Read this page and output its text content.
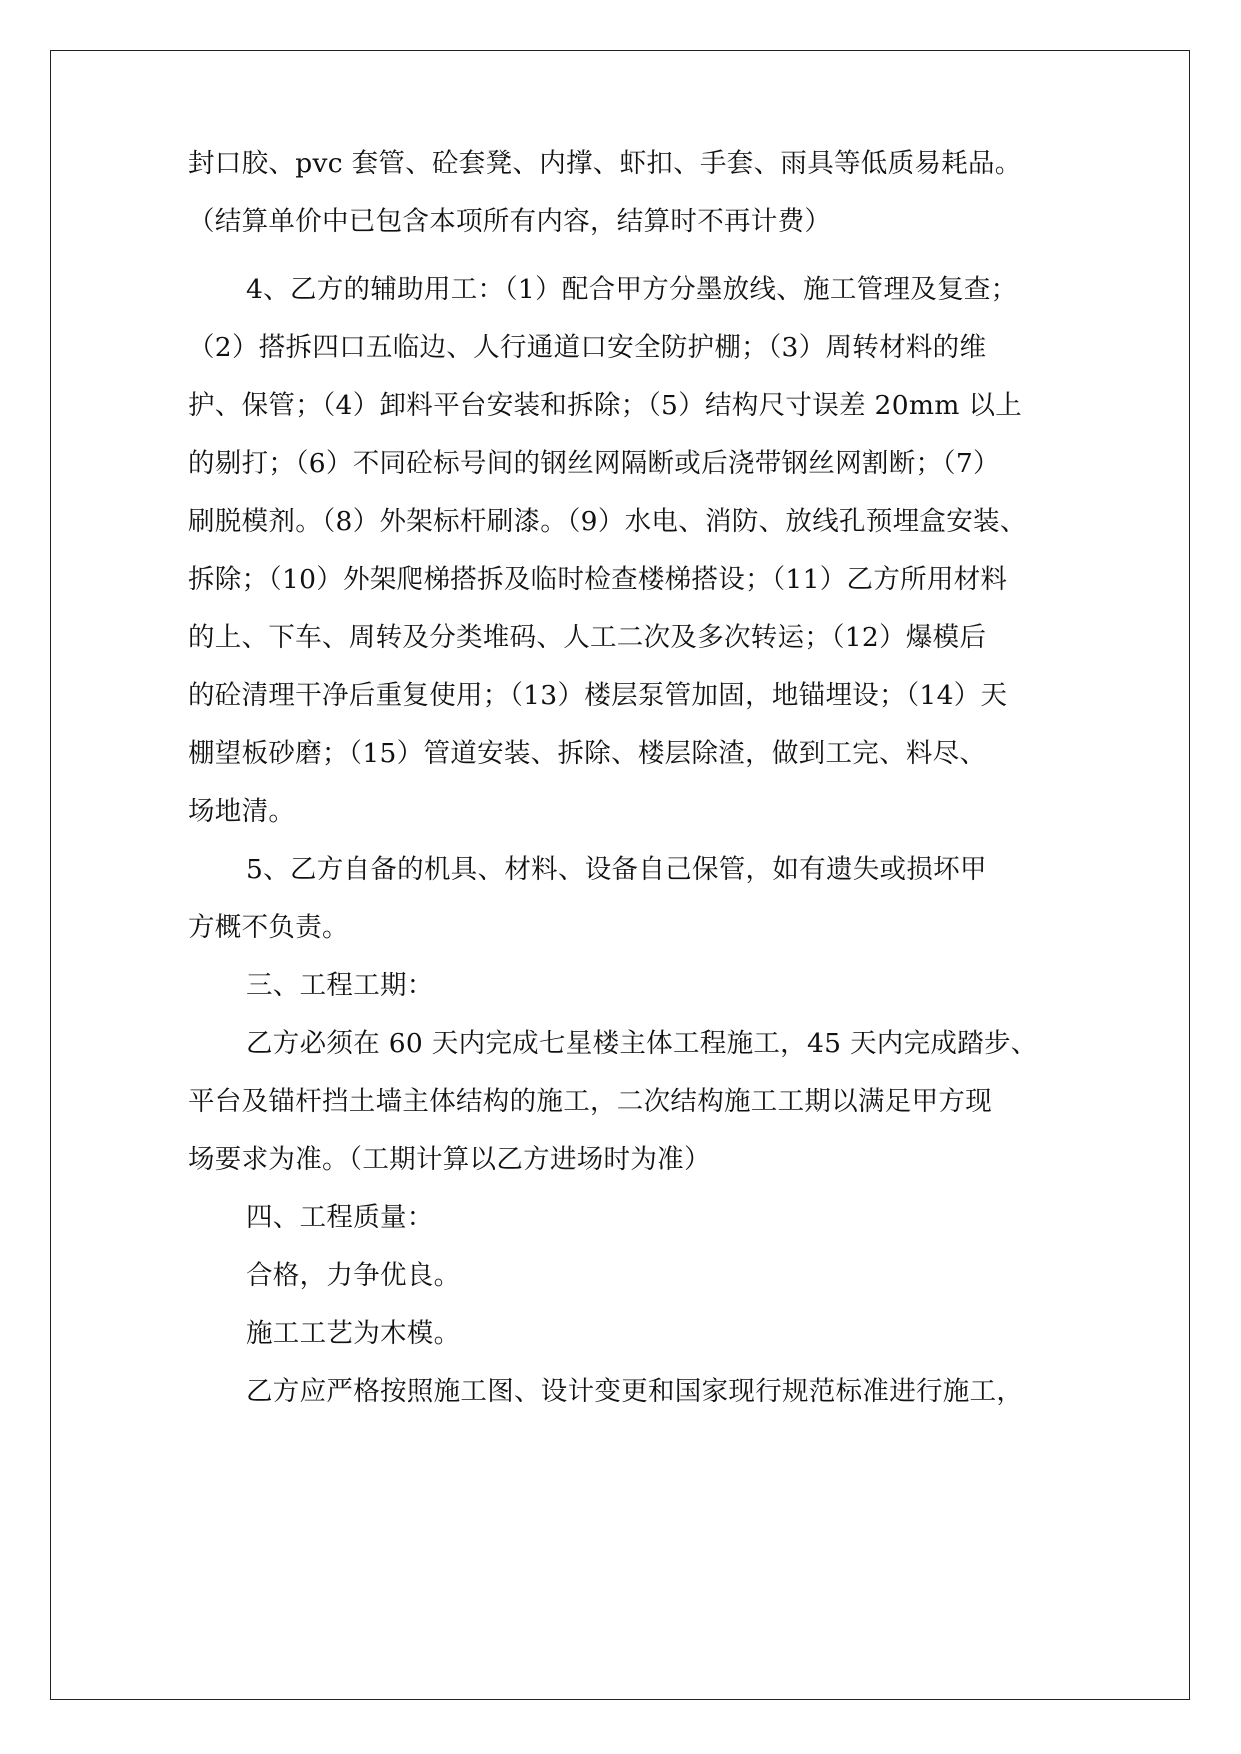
封口胶、pvc 套管、砼套凳、内撑、虾扣、手套、雨具等低质易耗品。
（结算单价中已包含本项所有内容，结算时不再计费）
4、乙方的辅助用工：（1）配合甲方分墨放线、施工管理及复查；
（2）搭拆四口五临边、人行通道口安全防护棚；（3）周转材料的维
护、保管；（4）卸料平台安装和拆除；（5）结构尺寸误差 20mm 以上
的剔打；（6）不同砼标号间的钢丝网隔断或后浇带钢丝网割断；（7）
刷脱模剂。（8）外架标杆刷漆。（9）水电、消防、放线孔预埋盒安装、
拆除；（10）外架爬梯搭拆及临时检查楼梯搭设；（11）乙方所用材料
的上、下车、周转及分类堆码、人工二次及多次转运；（12）爆模后
的砼清理干净后重复使用；（13）楼层泵管加固，地锚埋设；（14）天
棚望板砂磨；（15）管道安装、拆除、楼层除渣，做到工完、料尽、
场地清。
5、乙方自备的机具、材料、设备自己保管，如有遗失或损坏甲
方概不负责。
三、工程工期：
乙方必须在 60 天内完成七星楼主体工程施工，45 天内完成踏步、
平台及锚杆挡土墙主体结构的施工，二次结构施工工期以满足甲方现
场要求为准。（工期计算以乙方进场时为准）
四、工程质量：
合格，力争优良。
施工工艺为木模。
乙方应严格按照施工图、设计变更和国家现行规范标准进行施工，
